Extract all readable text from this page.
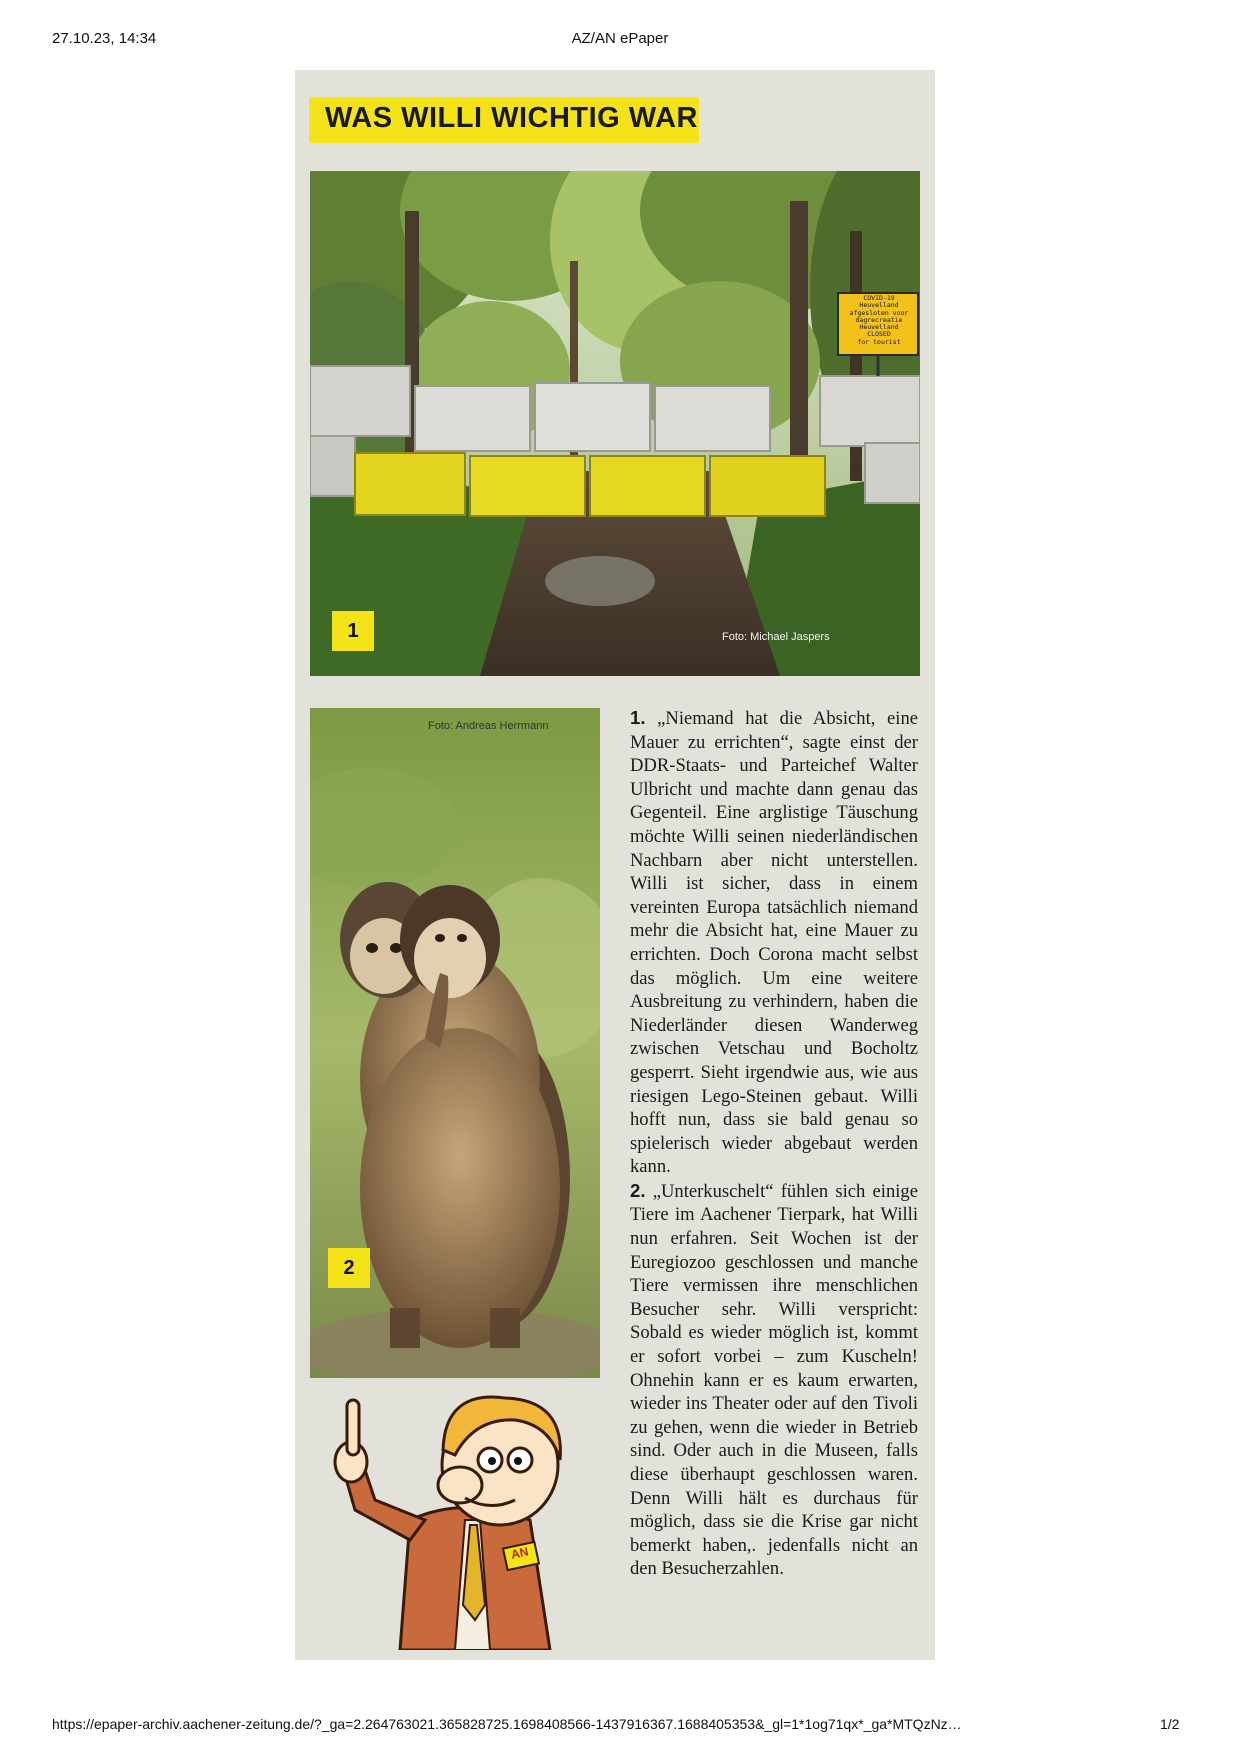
27.10.23, 14:34	AZ/AN ePaper
WAS WILLI WICHTIG WAR
COVID-19
Heuvelland
afgesloten voor
dagrecreatie
Heuvelland
CLOSED
for tourist
1	Foto: Michael Jaspers
Foto: Andreas Herrmann
2

1. „Niemand hat die Absicht, eine Mauer zu errichten“, sagte einst der DDR-Staats- und Parteichef Walter Ulbricht und machte dann genau das Gegenteil. Eine arglistige Täuschung möchte Willi seinen niederländischen Nachbarn aber nicht unterstellen. Willi ist sicher, dass in einem vereinten Europa tatsächlich niemand mehr die Absicht hat, eine Mauer zu errichten. Doch Corona macht selbst das möglich. Um eine weitere Ausbreitung zu verhindern, haben die Niederländer diesen Wanderweg zwischen Vetschau und Bocholtz gesperrt. Sieht irgendwie aus, wie aus riesigen Lego-Steinen gebaut. Willi hofft nun, dass sie bald genau so spielerisch wieder abgebaut werden kann.

2. „Unterkuschelt“ fühlen sich einige Tiere im Aachener Tierpark, hat Willi nun erfahren. Seit Wochen ist der Euregiozoo geschlossen und manche Tiere vermissen ihre menschlichen Besucher sehr. Willi verspricht: Sobald es wieder möglich ist, kommt er sofort vorbei – zum Kuscheln! Ohnehin kann er es kaum erwarten, wieder ins Theater oder auf den Tivoli zu gehen, wenn die wieder in Betrieb sind. Oder auch in die Museen, falls diese überhaupt geschlossen waren. Denn Willi hält es durchaus für möglich, dass sie die Krise gar nicht bemerkt haben,. jedenfalls nicht an den Besucherzahlen.

AN
https://epaper-archiv.aachener-zeitung.de/?_ga=2.264763021.365828725.1698408566-1437916367.1688405353&_gl=1*1og71qx*_ga*MTQzNz…	1/2
